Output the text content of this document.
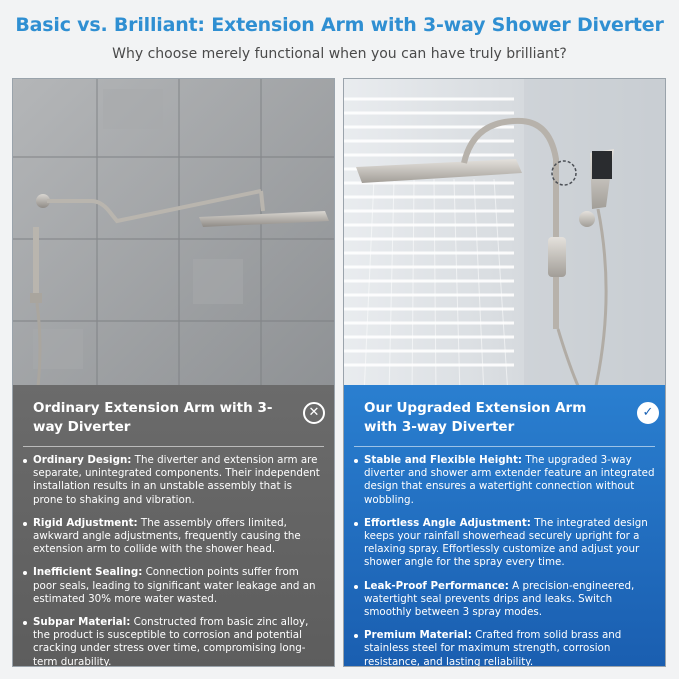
Basic vs. Brilliant: Extension Arm with 3-way Shower Diverter
Why choose merely functional when you can have truly brilliant?
Ordinary Extension Arm with 3-way Diverter
Ordinary Design: The diverter and extension arm are separate, unintegrated components. Their independent installation results in an unstable assembly that is prone to shaking and vibration.
Rigid Adjustment: The assembly offers limited, awkward angle adjustments, frequently causing the extension arm to collide with the shower head.
Inefficient Sealing: Connection points suffer from poor seals, leading to significant water leakage and an estimated 30% more water wasted.
Subpar Material: Constructed from basic zinc alloy, the product is susceptible to corrosion and potential cracking under stress over time, compromising long-term durability.
✕	Our Upgraded Extension Arm with 3-way Diverter
Stable and Flexible Height: The upgraded 3-way diverter and shower arm extender feature an integrated design that ensures a watertight connection without wobbling.
Effortless Angle Adjustment: The integrated design keeps your rainfall showerhead securely upright for a relaxing spray. Effortlessly customize and adjust your shower angle for the spray every time.
Leak-Proof Performance: A precision-engineered, watertight seal prevents drips and leaks. Switch smoothly between 3 spray modes.
Premium Material: Crafted from solid brass and stainless steel for maximum strength, corrosion resistance, and lasting reliability.
✓
